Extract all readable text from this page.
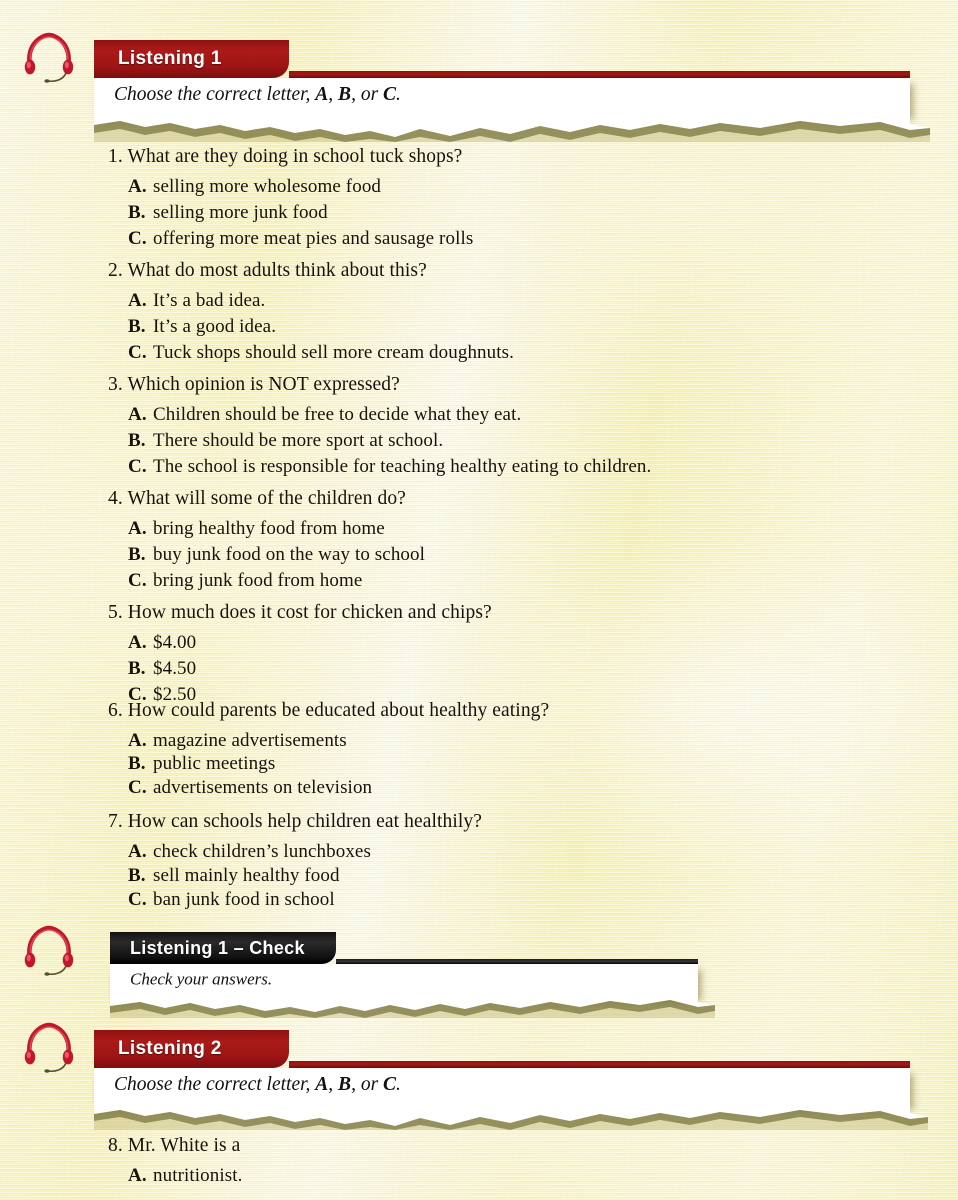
Listening 1
Choose the correct letter, A, B, or C.
1. What are they doing in school tuck shops?
A. selling more wholesome food
B. selling more junk food
C. offering more meat pies and sausage rolls
2. What do most adults think about this?
A. It’s a bad idea.
B. It’s a good idea.
C. Tuck shops should sell more cream doughnuts.
3. Which opinion is NOT expressed?
A. Children should be free to decide what they eat.
B. There should be more sport at school.
C. The school is responsible for teaching healthy eating to children.
4. What will some of the children do?
A. bring healthy food from home
B. buy junk food on the way to school
C. bring junk food from home
5. How much does it cost for chicken and chips?
A. $4.00
B. $4.50
C. $2.50
6. How could parents be educated about healthy eating?
A. magazine advertisements
B. public meetings
C. advertisements on television
7. How can schools help children eat healthily?
A. check children’s lunchboxes
B. sell mainly healthy food
C. ban junk food in school
Listening 1 – Check
Check your answers.
Listening 2
Choose the correct letter, A, B, or C.
8. Mr. White is a
A. nutritionist.
